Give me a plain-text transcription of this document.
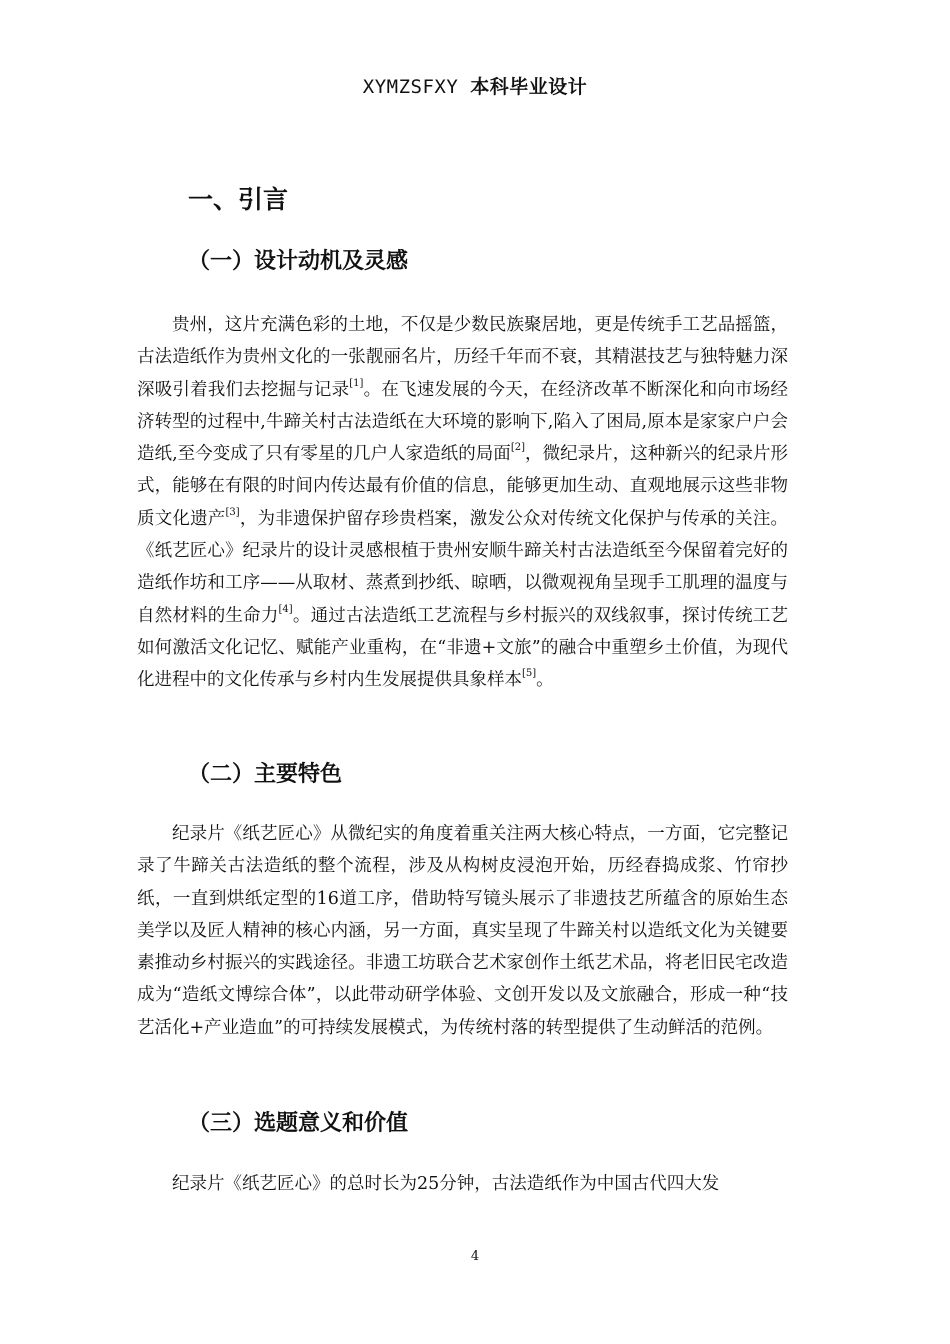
XYMZSFXY 本科毕业设计
一、引言
（一）设计动机及灵感

贵州，这片充满色彩的土地，不仅是少数民族聚居地，更是传统手工艺品摇篮，古法造纸作为贵州文化的一张靓丽名片，历经千年而不衰，其精湛技艺与独特魅力深深吸引着我们去挖掘与记录[1]。在飞速发展的今天，在经济改革不断深化和向市场经济转型的过程中,牛蹄关村古法造纸在大环境的影响下,陷入了困局,原本是家家户户会造纸,至今变成了只有零星的几户人家造纸的局面[2]，微纪录片，这种新兴的纪录片形式，能够在有限的时间内传达最有价值的信息，能够更加生动、直观地展示这些非物质文化遗产[3]，为非遗保护留存珍贵档案，激发公众对传统文化保护与传承的关注。《纸艺匠心》纪录片的设计灵感根植于贵州安顺牛蹄关村古法造纸至今保留着完好的造纸作坊和工序——从取材、蒸煮到抄纸、晾晒，以微观视角呈现手工肌理的温度与自然材料的生命力[4]。通过古法造纸工艺流程与乡村振兴的双线叙事，探讨传统工艺如何激活文化记忆、赋能产业重构，在“非遗+文旅”的融合中重塑乡土价值，为现代化进程中的文化传承与乡村内生发展提供具象样本[5]。

（二）主要特色

纪录片《纸艺匠心》从微纪实的角度着重关注两大核心特点，一方面，它完整记录了牛蹄关古法造纸的整个流程，涉及从构树皮浸泡开始，历经舂捣成浆、竹帘抄纸，一直到烘纸定型的16道工序，借助特写镜头展示了非遗技艺所蕴含的原始生态美学以及匠人精神的核心内涵，另一方面，真实呈现了牛蹄关村以造纸文化为关键要素推动乡村振兴的实践途径。非遗工坊联合艺术家创作土纸艺术品，将老旧民宅改造成为“造纸文博综合体”，以此带动研学体验、文创开发以及文旅融合，形成一种“技艺活化+产业造血”的可持续发展模式，为传统村落的转型提供了生动鲜活的范例。

（三）选题意义和价值

纪录片《纸艺匠心》的总时长为25分钟，古法造纸作为中国古代四大发

4
